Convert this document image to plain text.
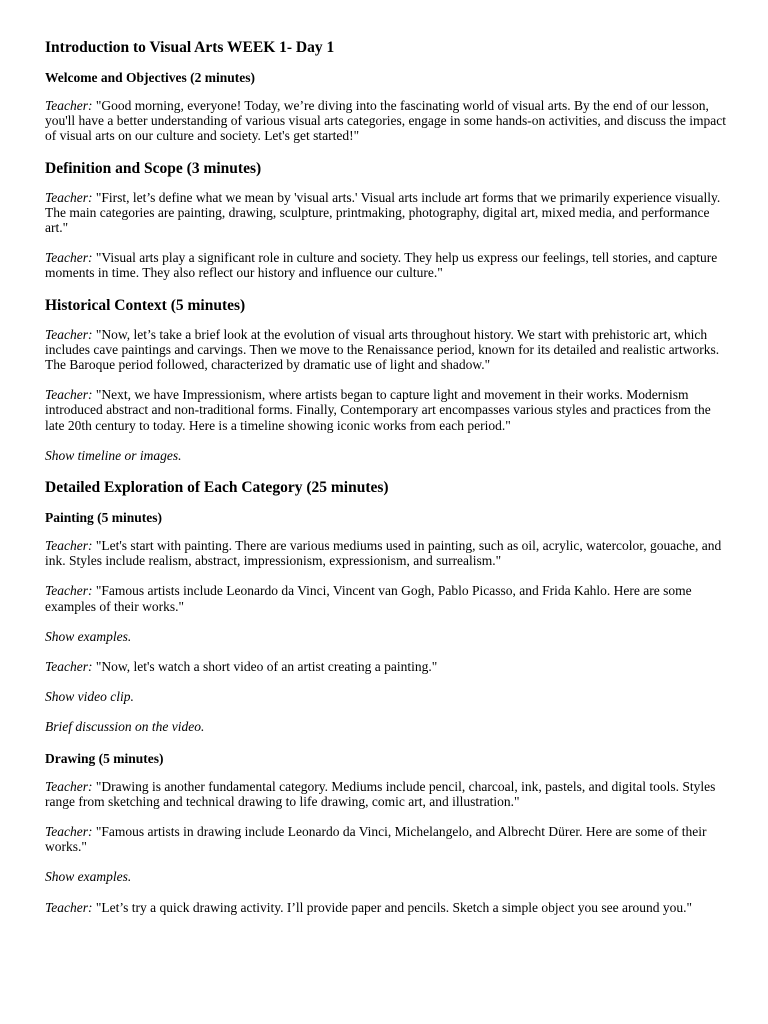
Introduction to Visual Arts WEEK 1- Day 1
Welcome and Objectives (2 minutes)

Teacher: "Good morning, everyone! Today, we’re diving into the fascinating world of visual arts. By the end of our lesson, you'll have a better understanding of various visual arts categories, engage in some hands-on activities, and discuss the impact of visual arts on our culture and society. Let's get started!"

Definition and Scope (3 minutes)

Teacher: "First, let’s define what we mean by 'visual arts.' Visual arts include art forms that we primarily experience visually. The main categories are painting, drawing, sculpture, printmaking, photography, digital art, mixed media, and performance art."

Teacher: "Visual arts play a significant role in culture and society. They help us express our feelings, tell stories, and capture moments in time. They also reflect our history and influence our culture."

Historical Context (5 minutes)

Teacher: "Now, let’s take a brief look at the evolution of visual arts throughout history. We start with prehistoric art, which includes cave paintings and carvings. Then we move to the Renaissance period, known for its detailed and realistic artworks. The Baroque period followed, characterized by dramatic use of light and shadow."

Teacher: "Next, we have Impressionism, where artists began to capture light and movement in their works. Modernism introduced abstract and non-traditional forms. Finally, Contemporary art encompasses various styles and practices from the late 20th century to today. Here is a timeline showing iconic works from each period."

Show timeline or images.

Detailed Exploration of Each Category (25 minutes)
Painting (5 minutes)

Teacher: "Let's start with painting. There are various mediums used in painting, such as oil, acrylic, watercolor, gouache, and ink. Styles include realism, abstract, impressionism, expressionism, and surrealism."

Teacher: "Famous artists include Leonardo da Vinci, Vincent van Gogh, Pablo Picasso, and Frida Kahlo. Here are some examples of their works."

Show examples.

Teacher: "Now, let's watch a short video of an artist creating a painting."

Show video clip.

Brief discussion on the video.

Drawing (5 minutes)

Teacher: "Drawing is another fundamental category. Mediums include pencil, charcoal, ink, pastels, and digital tools. Styles range from sketching and technical drawing to life drawing, comic art, and illustration."

Teacher: "Famous artists in drawing include Leonardo da Vinci, Michelangelo, and Albrecht Dürer. Here are some of their works."

Show examples.

Teacher: "Let’s try a quick drawing activity. I’ll provide paper and pencils. Sketch a simple object you see around you."
